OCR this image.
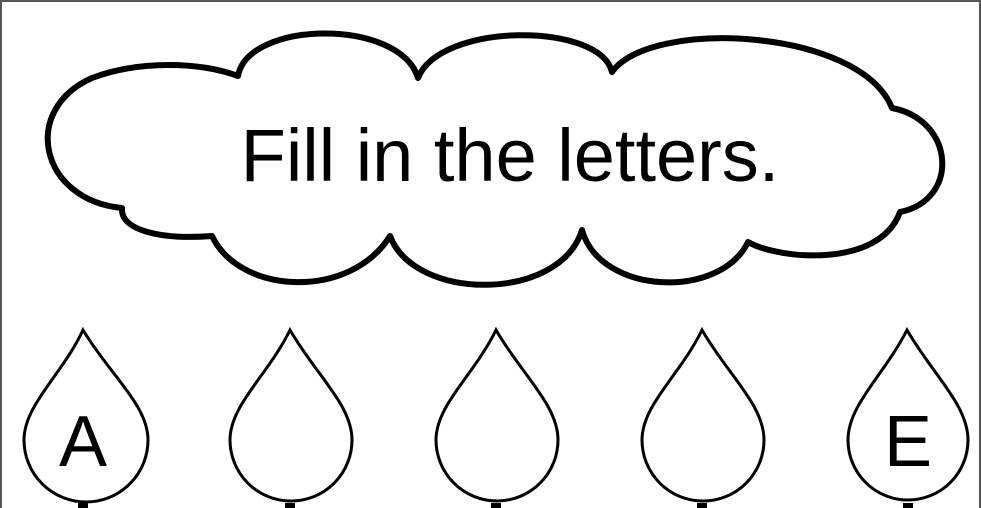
Fill in the letters.
A	E
